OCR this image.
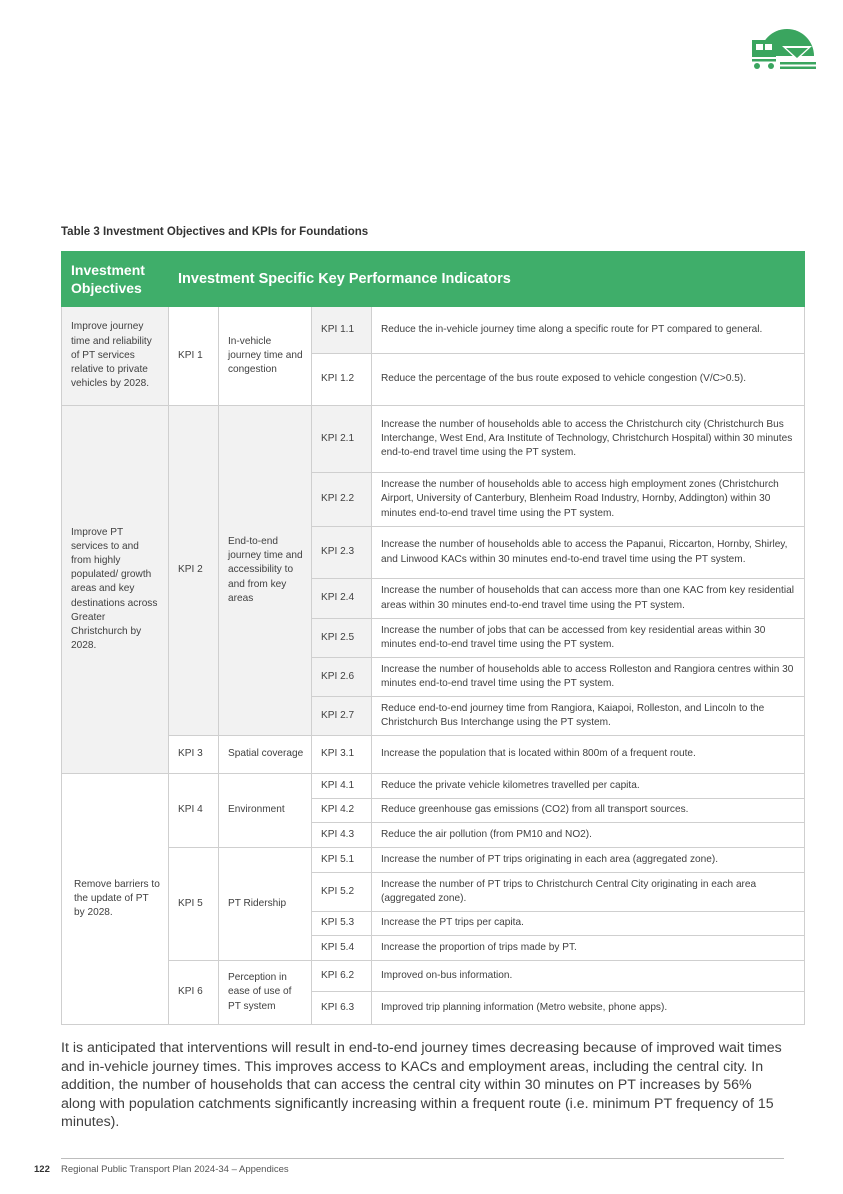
Table 3 Investment Objectives and KPIs for Foundations
Investment Objectives	Investment Specific Key Performance Indicators			
Improve journey time and reliability of PT services relative to private vehicles by 2028.	KPI 1	In-vehicle journey time and congestion	KPI 1.1	Reduce the in-vehicle journey time along a specific route for PT compared to general.
			KPI 1.2	Reduce the percentage of the bus route exposed to vehicle congestion (V/C>0.5).
Improve PT services to and from highly populated/ growth areas and key destinations across Greater Christchurch by 2028.	KPI 2	End-to-end journey time and accessibility to and from key areas	KPI 2.1	Increase the number of households able to access the Christchurch city (Christchurch Bus Interchange, West End, Ara Institute of Technology, Christchurch Hospital) within 30 minutes end-to-end travel time using the PT system.
			KPI 2.2	Increase the number of households able to access high employment zones (Christchurch Airport, University of Canterbury, Blenheim Road Industry, Hornby, Addington) within 30 minutes end-to-end travel time using the PT system.
			KPI 2.3	Increase the number of households able to access the Papanui, Riccarton, Hornby, Shirley, and Linwood KACs within 30 minutes end-to-end travel time using the PT system.
			KPI 2.4	Increase the number of households that can access more than one KAC from key residential areas within 30 minutes end-to-end travel time using the PT system.
			KPI 2.5	Increase the number of jobs that can be accessed from key residential areas within 30 minutes end-to-end travel time using the PT system.
			KPI 2.6	Increase the number of households able to access Rolleston and Rangiora centres within 30 minutes end-to-end travel time using the PT system.
			KPI 2.7	Reduce end-to-end journey time from Rangiora, Kaiapoi, Rolleston, and Lincoln to the Christchurch Bus Interchange using the PT system.
	KPI 3	Spatial coverage	KPI 3.1	Increase the population that is located within 800m of a frequent route.
Remove barriers to the update of PT by 2028.	KPI 4	Environment	KPI 4.1	Reduce the private vehicle kilometres travelled per capita.
			KPI 4.2	Reduce greenhouse gas emissions (CO2) from all transport sources.
			KPI 4.3	Reduce the air pollution (from PM10 and NO2).
	KPI 5	PT Ridership	KPI 5.1	Increase the number of PT trips originating in each area (aggregated zone).
			KPI 5.2	Increase the number of PT trips to Christchurch Central City originating in each area (aggregated zone).
			KPI 5.3	Increase the PT trips per capita.
			KPI 5.4	Increase the proportion of trips made by PT.
	KPI 6	Perception in ease of use of PT system	KPI 6.2	Improved on-bus information.
			KPI 6.3	Improved trip planning information (Metro website, phone apps).
It is anticipated that interventions will result in end-to-end journey times decreasing because of improved wait times and in-vehicle journey times. This improves access to KACs and employment areas, including the central city. In addition, the number of households that can access the central city within 30 minutes on PT increases by 56% along with population catchments significantly increasing within a frequent route (i.e. minimum PT frequency of 15 minutes).
122 Regional Public Transport Plan 2024-34 – Appendices
